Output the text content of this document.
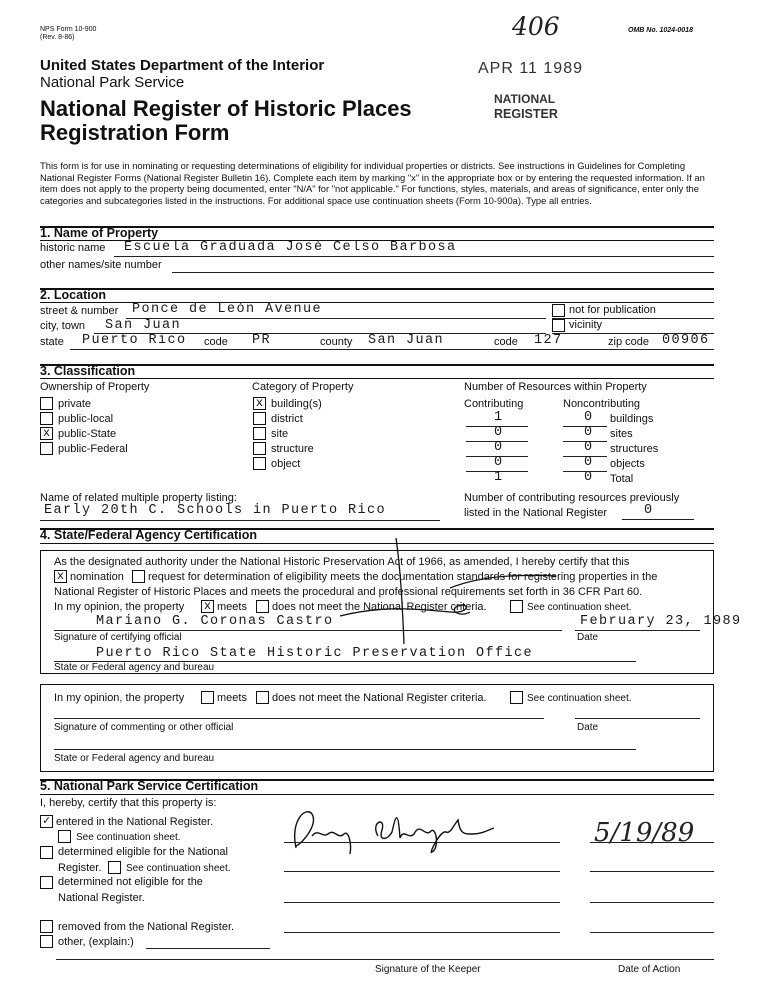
NPS Form 10-900
(Rev. 8-86)
OMB No. 1024-0018
406
APR 11 1989
NATIONAL
REGISTER
United States Department of the Interior
National Park Service
National Register of Historic Places
Registration Form
This form is for use in nominating or requesting determinations of eligibility for individual properties or districts. See instructions in Guidelines for Completing National Register Forms (National Register Bulletin 16). Complete each item by marking "x" in the appropriate box or by entering the requested information. If an item does not apply to the property being documented, enter "N/A" for "not applicable." For functions, styles, materials, and areas of significance, enter only the categories and subcategories listed in the instructions. For additional space use continuation sheets (Form 10-900a). Type all entries.
1. Name of Property
historic name Escuela Graduada José Celso Barbosa
other names/site number
2. Location
street & number Ponce de León Avenue	not for publication
city, town San Juan	vicinity
state Puerto Rico code PR	county San Juan	code 127	zip code 00906
3. Classification
Ownership of Property
private
public-local
x public-State
public-Federal
Category of Property
x building(s)
district
site
structure
object
Number of Resources within Property
Contributing	Noncontributing
1	0 buildings
0	0 sites
0	0 structures
0	0 objects
1	0 Total
Name of related multiple property listing:
Early 20th C. Schools in Puerto Rico
Number of contributing resources previously
listed in the National Register	0
4. State/Federal Agency Certification
As the designated authority under the National Historic Preservation Act of 1966, as amended, I hereby certify that this
x nomination request for determination of eligibility meets the documentation standards for registering properties in the
National Register of Historic Places and meets the procedural and professional requirements set forth in 36 CFR Part 60.
In my opinion, the property x meets does not meet the National Register criteria.	See continuation sheet.
Mariano G. Coronas Castro	February 23, 1989
Signature of certifying official	Date
Puerto Rico State Historic Preservation Office
State or Federal agency and bureau
In my opinion, the property	meets does not meet the National Register criteria.	See continuation sheet.
Signature of commenting or other official	Date
State or Federal agency and bureau
5. National Park Service Certification
I, hereby, certify that this property is:
✓ entered in the National Register.
See continuation sheet.
determined eligible for the National
Register. See continuation sheet.
determined not eligible for the
National Register.
removed from the National Register.
other, (explain:)
5/19/89
Signature of the Keeper	Date of Action
